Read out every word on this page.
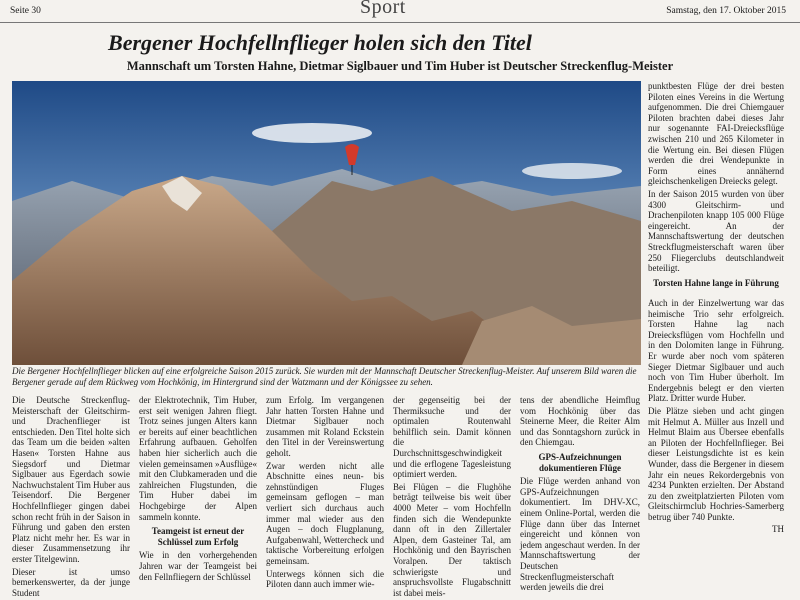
Seite 30	Sport	Samstag, den 17. Oktober 2015
Bergener Hochfellnflieger holen sich den Titel
Mannschaft um Torsten Hahne, Dietmar Siglbauer und Tim Huber ist Deutscher Streckenflug-Meister
Die Bergener Hochfellnflieger blicken auf eine erfolgreiche Saison 2015 zurück. Sie wurden mit der Mannschaft Deutscher Streckenflug-Meister. Auf unserem Bild waren die Bergener gerade auf dem Rückweg vom Hochkönig, im Hintergrund sind der Watzmann und der Königssee zu sehen.

punktbesten Flüge der drei besten Piloten eines Vereins in die Wertung aufgenommen. Die drei Chiemgauer Piloten brachten dabei dieses Jahr nur sogenannte FAI-Dreiecksflüge zwischen 210 und 265 Kilometer in die Wertung ein. Bei diesen Flügen werden die drei Wendepunkte in Form eines annähernd gleichschenkeligen Dreiecks gelegt.

In der Saison 2015 wurden von über 4300 Gleitschirm- und Drachenpiloten knapp 105 000 Flüge eingereicht. An der Mannschaftswertung der deutschen Streckflugmeisterschaft waren über 250 Fliegerclubs deutschlandweit beteiligt.

Torsten Hahne lange in Führung

Die Deutsche Streckenflug-Meisterschaft der Gleitschirm- und Drachenflieger ist entschieden. Den Titel holte sich das Team um die beiden »alten Hasen« Torsten Hahne aus Siegsdorf und Dietmar Siglbauer aus Egerdach sowie Nachwuchstalent Tim Huber aus Teisendorf. Die Bergener Hochfellnflieger gingen dabei schon recht früh in der Saison in Führung und gaben den ersten Platz nicht mehr her. Es war in dieser Zusammensetzung ihr erster Titelgewinn.

Dieser ist umso bemerkenswerter, da der junge Student

der Elektrotechnik, Tim Huber, erst seit wenigen Jahren fliegt. Trotz seines jungen Alters kann er bereits auf einer beachtlichen Erfahrung aufbauen. Geholfen haben hier sicherlich auch die vielen gemeinsamen »Ausflüge« mit den Clubkameraden und die zahlreichen Flugstunden, die Tim Huber dabei im Hochgebirge der Alpen sammeln konnte.

Teamgeist ist erneut der Schlüssel zum Erfolg

Wie in den vorhergehenden Jahren war der Teamgeist bei den Fellnfliegern der Schlüssel

zum Erfolg. Im vergangenen Jahr hatten Torsten Hahne und Dietmar Siglbauer noch zusammen mit Roland Eckstein den Titel in der Vereinswertung geholt.

Zwar werden nicht alle Abschnitte eines neun- bis zehnstündigen Fluges gemeinsam geflogen – man verliert sich durchaus auch immer mal wieder aus den Augen – doch Flugplanung, Aufgabenwahl, Wettercheck und taktische Vorbereitung erfolgen gemeinsam.

Unterwegs können sich die Piloten dann auch immer wie-

der gegenseitig bei der Thermiksuche und der optimalen Routenwahl behilflich sein. Damit können die Durchschnittsgeschwindigkeit und die erflogene Tagesleistung optimiert werden.

Bei Flügen – die Flughöhe beträgt teilweise bis weit über 4000 Meter – vom Hochfelln finden sich die Wendepunkte dann oft in den Zillertaler Alpen, dem Gasteiner Tal, am Hochkönig und den Bayrischen Voralpen. Der taktisch schwierigste und anspruchsvollste Flugabschnitt ist dabei meis-

tens der abendliche Heimflug vom Hochkönig über das Steinerne Meer, die Reiter Alm und das Sonntagshorn zurück in den Chiemgau.

GPS-Aufzeichnungen dokumentieren Flüge

Die Flüge werden anhand von GPS-Aufzeichnungen dokumentiert. Im DHV-XC, einem Online-Portal, werden die Flüge dann über das Internet eingereicht und können von jedem angeschaut werden. In der Mannschaftswertung der Deutschen Streckenflugmeisterschaft werden jeweils die drei

Auch in der Einzelwertung war das heimische Trio sehr erfolgreich. Torsten Hahne lag nach Dreiecksflügen vom Hochfelln und in den Dolomiten lange in Führung. Er wurde aber noch vom späteren Sieger Dietmar Siglbauer und auch noch von Tim Huber überholt. Im Endergebnis belegt er den vierten Platz. Dritter wurde Huber.

Die Plätze sieben und acht gingen mit Helmut A. Müller aus Inzell und Helmut Blaim aus Übersee ebenfalls an Piloten der Hochfellnflieger. Bei dieser Leistungsdichte ist es kein Wunder, dass die Bergener in diesem Jahr ein neues Rekordergebnis von 4234 Punkten erzielten. Der Abstand zu den zweitplatzierten Piloten vom Gleitschirmclub Hochries-Samerberg betrug über 740 Punkte.

TH
